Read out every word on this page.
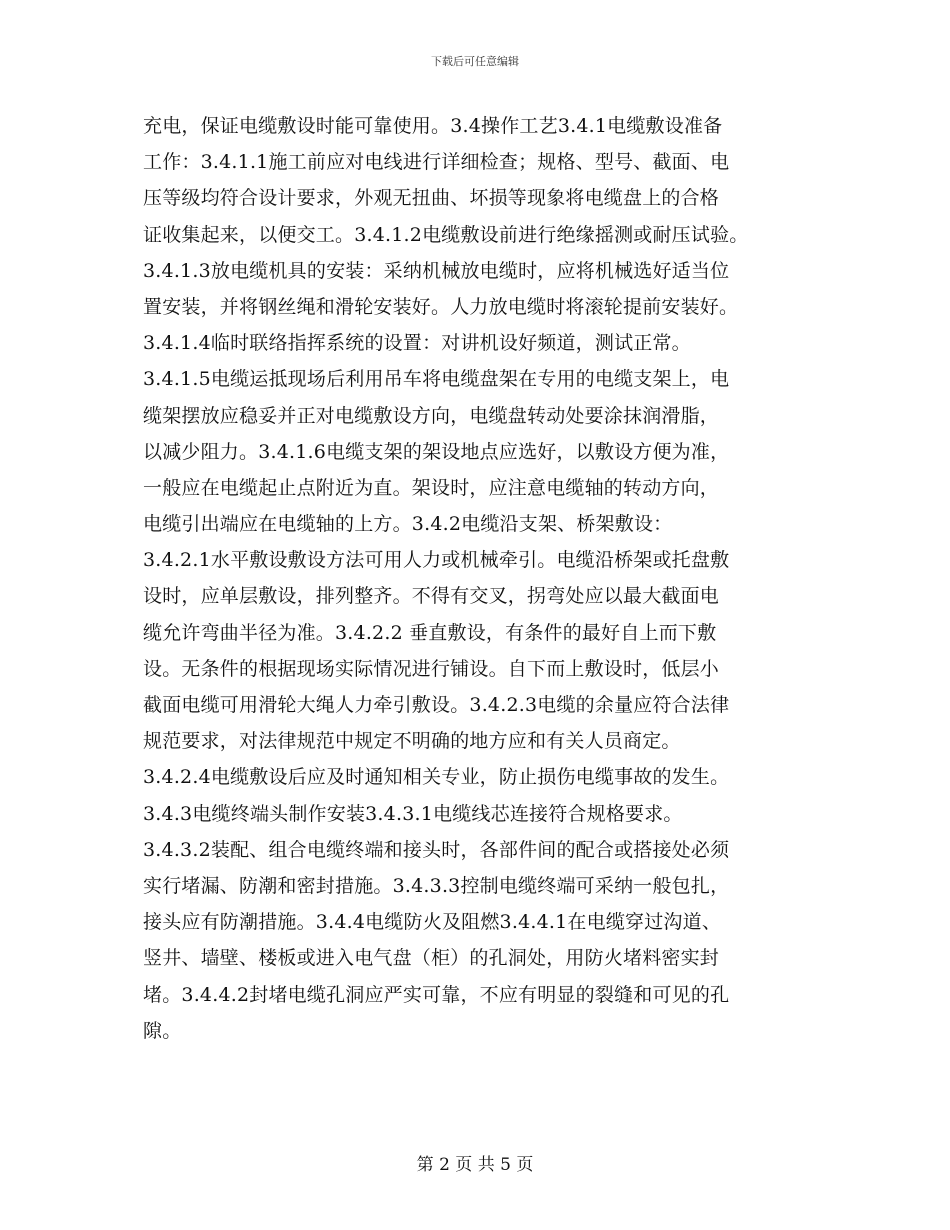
下载后可任意编辑
充电，保证电缆敷设时能可靠使用。3.4操作工艺3.4.1电缆敷设准备
工作：3.4.1.1施工前应对电线进行详细检查；规格、型号、截面、电
压等级均符合设计要求，外观无扭曲、坏损等现象将电缆盘上的合格
证收集起来，以便交工。3.4.1.2电缆敷设前进行绝缘摇测或耐压试验。
3.4.1.3放电缆机具的安装：采纳机械放电缆时，应将机械选好适当位
置安装，并将钢丝绳和滑轮安装好。人力放电缆时将滚轮提前安装好。
3.4.1.4临时联络指挥系统的设置：对讲机设好频道，测试正常。
3.4.1.5电缆运抵现场后利用吊车将电缆盘架在专用的电缆支架上，电
缆架摆放应稳妥并正对电缆敷设方向，电缆盘转动处要涂抹润滑脂，
以减少阻力。3.4.1.6电缆支架的架设地点应选好，以敷设方便为准，
一般应在电缆起止点附近为直。架设时，应注意电缆轴的转动方向，
电缆引出端应在电缆轴的上方。3.4.2电缆沿支架、桥架敷设：
3.4.2.1水平敷设敷设方法可用人力或机械牵引。电缆沿桥架或托盘敷
设时，应单层敷设，排列整齐。不得有交叉，拐弯处应以最大截面电
缆允许弯曲半径为准。3.4.2.2 垂直敷设，有条件的最好自上而下敷
设。无条件的根据现场实际情况进行铺设。自下而上敷设时，低层小
截面电缆可用滑轮大绳人力牵引敷设。3.4.2.3电缆的余量应符合法律
规范要求，对法律规范中规定不明确的地方应和有关人员商定。
3.4.2.4电缆敷设后应及时通知相关专业，防止损伤电缆事故的发生。
3.4.3电缆终端头制作安装3.4.3.1电缆线芯连接符合规格要求。
3.4.3.2装配、组合电缆终端和接头时，各部件间的配合或搭接处必须
实行堵漏、防潮和密封措施。3.4.3.3控制电缆终端可采纳一般包扎，
接头应有防潮措施。3.4.4电缆防火及阻燃3.4.4.1在电缆穿过沟道、
竖井、墙壁、楼板或进入电气盘（柜）的孔洞处，用防火堵料密实封
堵。3.4.4.2封堵电缆孔洞应严实可靠，不应有明显的裂缝和可见的孔
隙。
第 2 页 共 5 页
